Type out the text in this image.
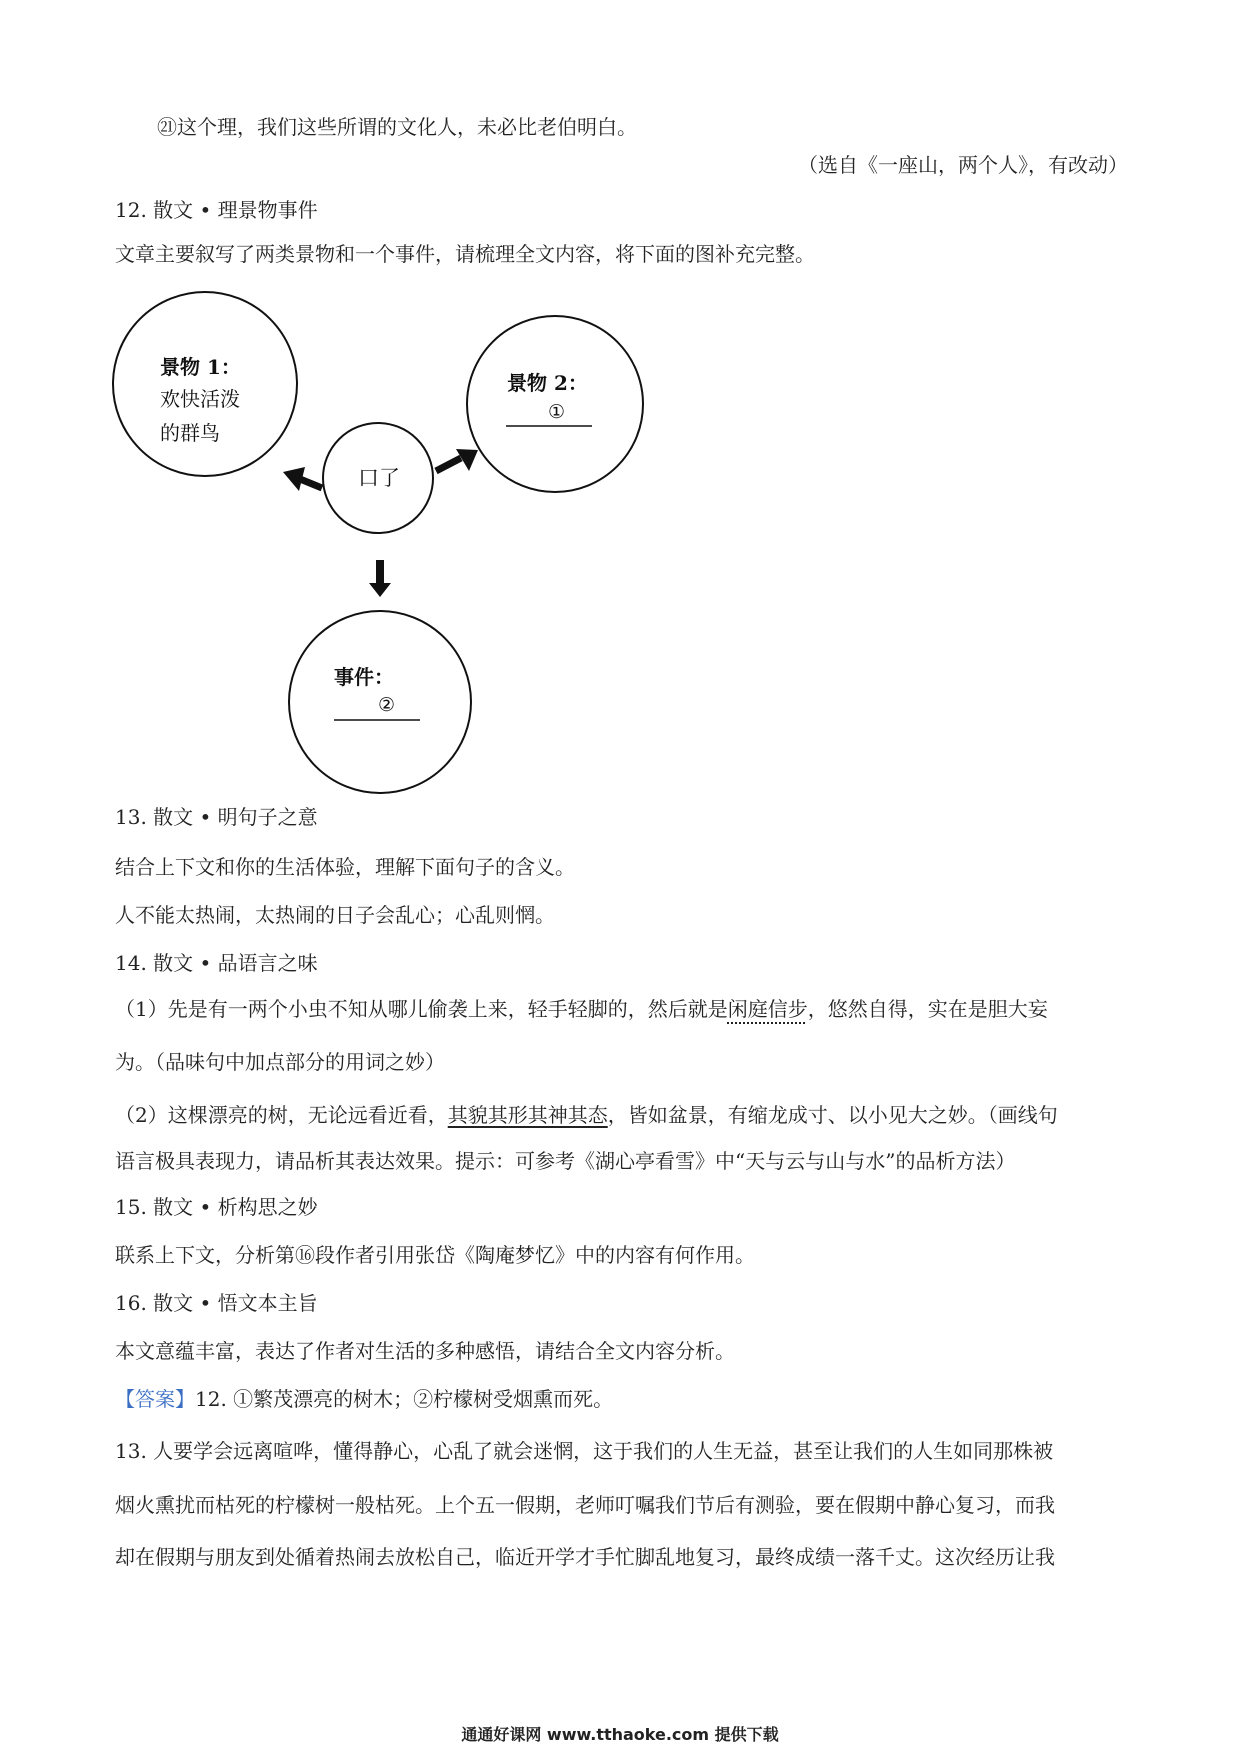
㉑这个理，我们这些所谓的文化人，未必比老伯明白。
（选自《一座山，两个人》，有改动）
12. 散文 • 理景物事件
文章主要叙写了两类景物和一个事件，请梳理全文内容，将下面的图补充完整。
景物 1：
欢快活泼
的群鸟
口了
景物 2：
①
事件：
②
13. 散文 • 明句子之意
结合上下文和你的生活体验，理解下面句子的含义。
人不能太热闹，太热闹的日子会乱心；心乱则惘。
14. 散文 • 品语言之味
（1）先是有一两个小虫不知从哪儿偷袭上来，轻手轻脚的，然后就是闲庭信步，悠然自得，实在是胆大妄
为。（品味句中加点部分的用词之妙）
（2）这棵漂亮的树，无论远看近看，其貌其形其神其态，皆如盆景，有缩龙成寸、以小见大之妙。（画线句
语言极具表现力，请品析其表达效果。提示：可参考《湖心亭看雪》中“天与云与山与水”的品析方法）
15. 散文 • 析构思之妙
联系上下文，分析第⑯段作者引用张岱《陶庵梦忆》中的内容有何作用。
16. 散文 • 悟文本主旨
本文意蕴丰富，表达了作者对生活的多种感悟，请结合全文内容分析。
【答案】12. ①繁茂漂亮的树木；②柠檬树受烟熏而死。
13. 人要学会远离喧哗，懂得静心，心乱了就会迷惘，这于我们的人生无益，甚至让我们的人生如同那株被
烟火熏扰而枯死的柠檬树一般枯死。上个五一假期，老师叮嘱我们节后有测验，要在假期中静心复习，而我
却在假期与朋友到处循着热闹去放松自己，临近开学才手忙脚乱地复习，最终成绩一落千丈。这次经历让我
通通好课网 www.tthaoke.com 提供下载
